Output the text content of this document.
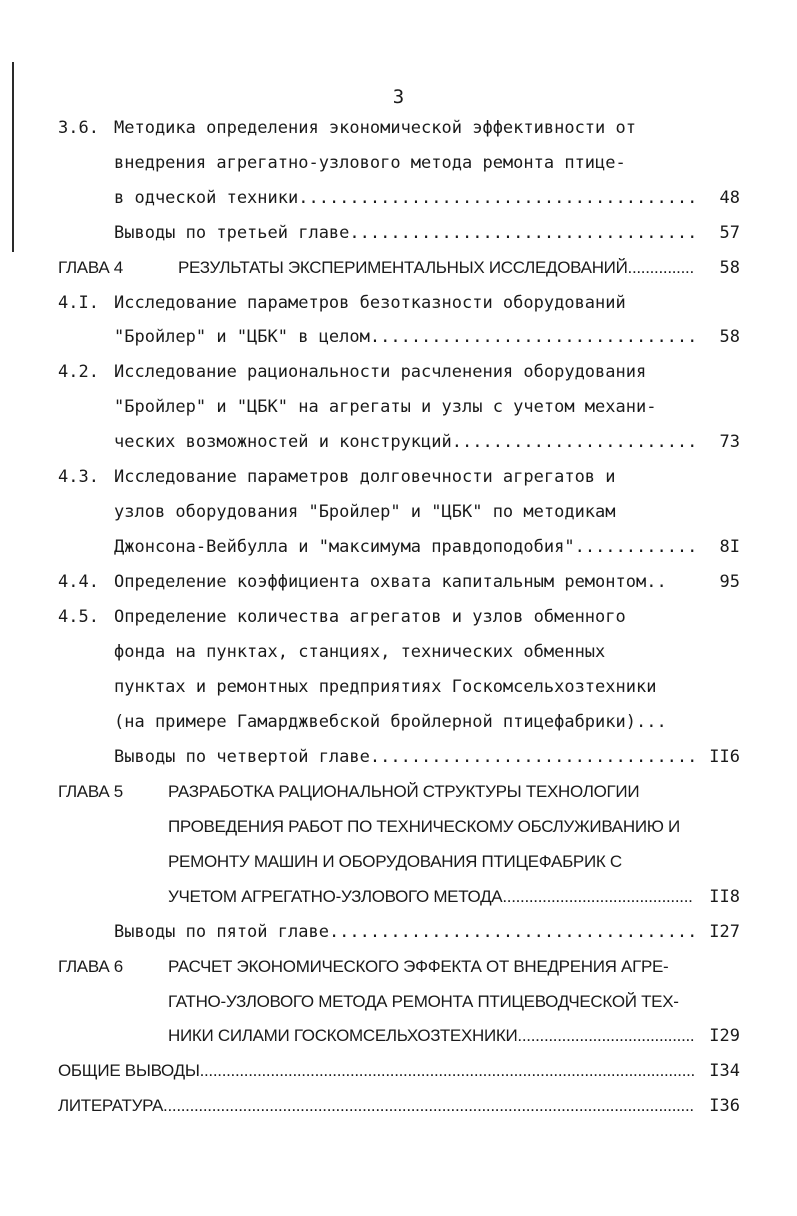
3
3.6. Методика определения экономической эффективности от
внедрения агрегатно-узлового метода ремонта птице-
в одческой техники .....	48
Выводы по третьей главе .....	57
ГЛАВА 4	РЕЗУЛЬТАТЫ ЭКСПЕРИМЕНТАЛЬНЫХ ИССЛЕДОВАНИЙ .....	58
4.I. Исследование параметров безотказности оборудований
"Бройлер" и "ЦБК" в целом .....	58
4.2. Исследование рациональности расчленения оборудования
"Бройлер" и "ЦБК" на агрегаты и узлы с учетом механи-
ческих возможностей и конструкций .....	73
4.3. Исследование параметров долговечности агрегатов и
узлов оборудования "Бройлер" и "ЦБК" по методикам
Джонсона-Вейбулла и "максимума правдоподобия" .....	8I
4.4. Определение коэффициента охвата капитальным ремонтом..	95
4.5. Определение количества агрегатов и узлов обменного
фонда на пунктах, станциях, технических обменных
пунктах и ремонтных предприятиях Госкомсельхозтехники
(на примере Гамарджвебской бройлерной птицефабрики)...
Выводы по четвертой главе .....	II6
ГЛАВА 5	РАЗРАБОТКА РАЦИОНАЛЬНОЙ СТРУКТУРЫ ТЕХНОЛОГИИ
ПРОВЕДЕНИЯ РАБОТ ПО ТЕХНИЧЕСКОМУ ОБСЛУЖИВАНИЮ И
РЕМОНТУ МАШИН И ОБОРУДОВАНИЯ ПТИЦЕФАБРИК С
УЧЕТОМ АГРЕГАТНО-УЗЛОВОГО МЕТОДА .....	II8
Выводы по пятой главе .....	I27
ГЛАВА 6	РАСЧЕТ ЭКОНОМИЧЕСКОГО ЭФФЕКТА ОТ ВНЕДРЕНИЯ АГРЕ-
ГАТНО-УЗЛОВОГО МЕТОДА РЕМОНТА ПТИЦЕВОДЧЕСКОЙ ТЕХ-
НИКИ СИЛАМИ ГОСКОМСЕЛЬХОЗТЕХНИКИ .....	I29
ОБЩИЕ ВЫВОДЫ .....	I34
ЛИТЕРАТУРА .....	I36
